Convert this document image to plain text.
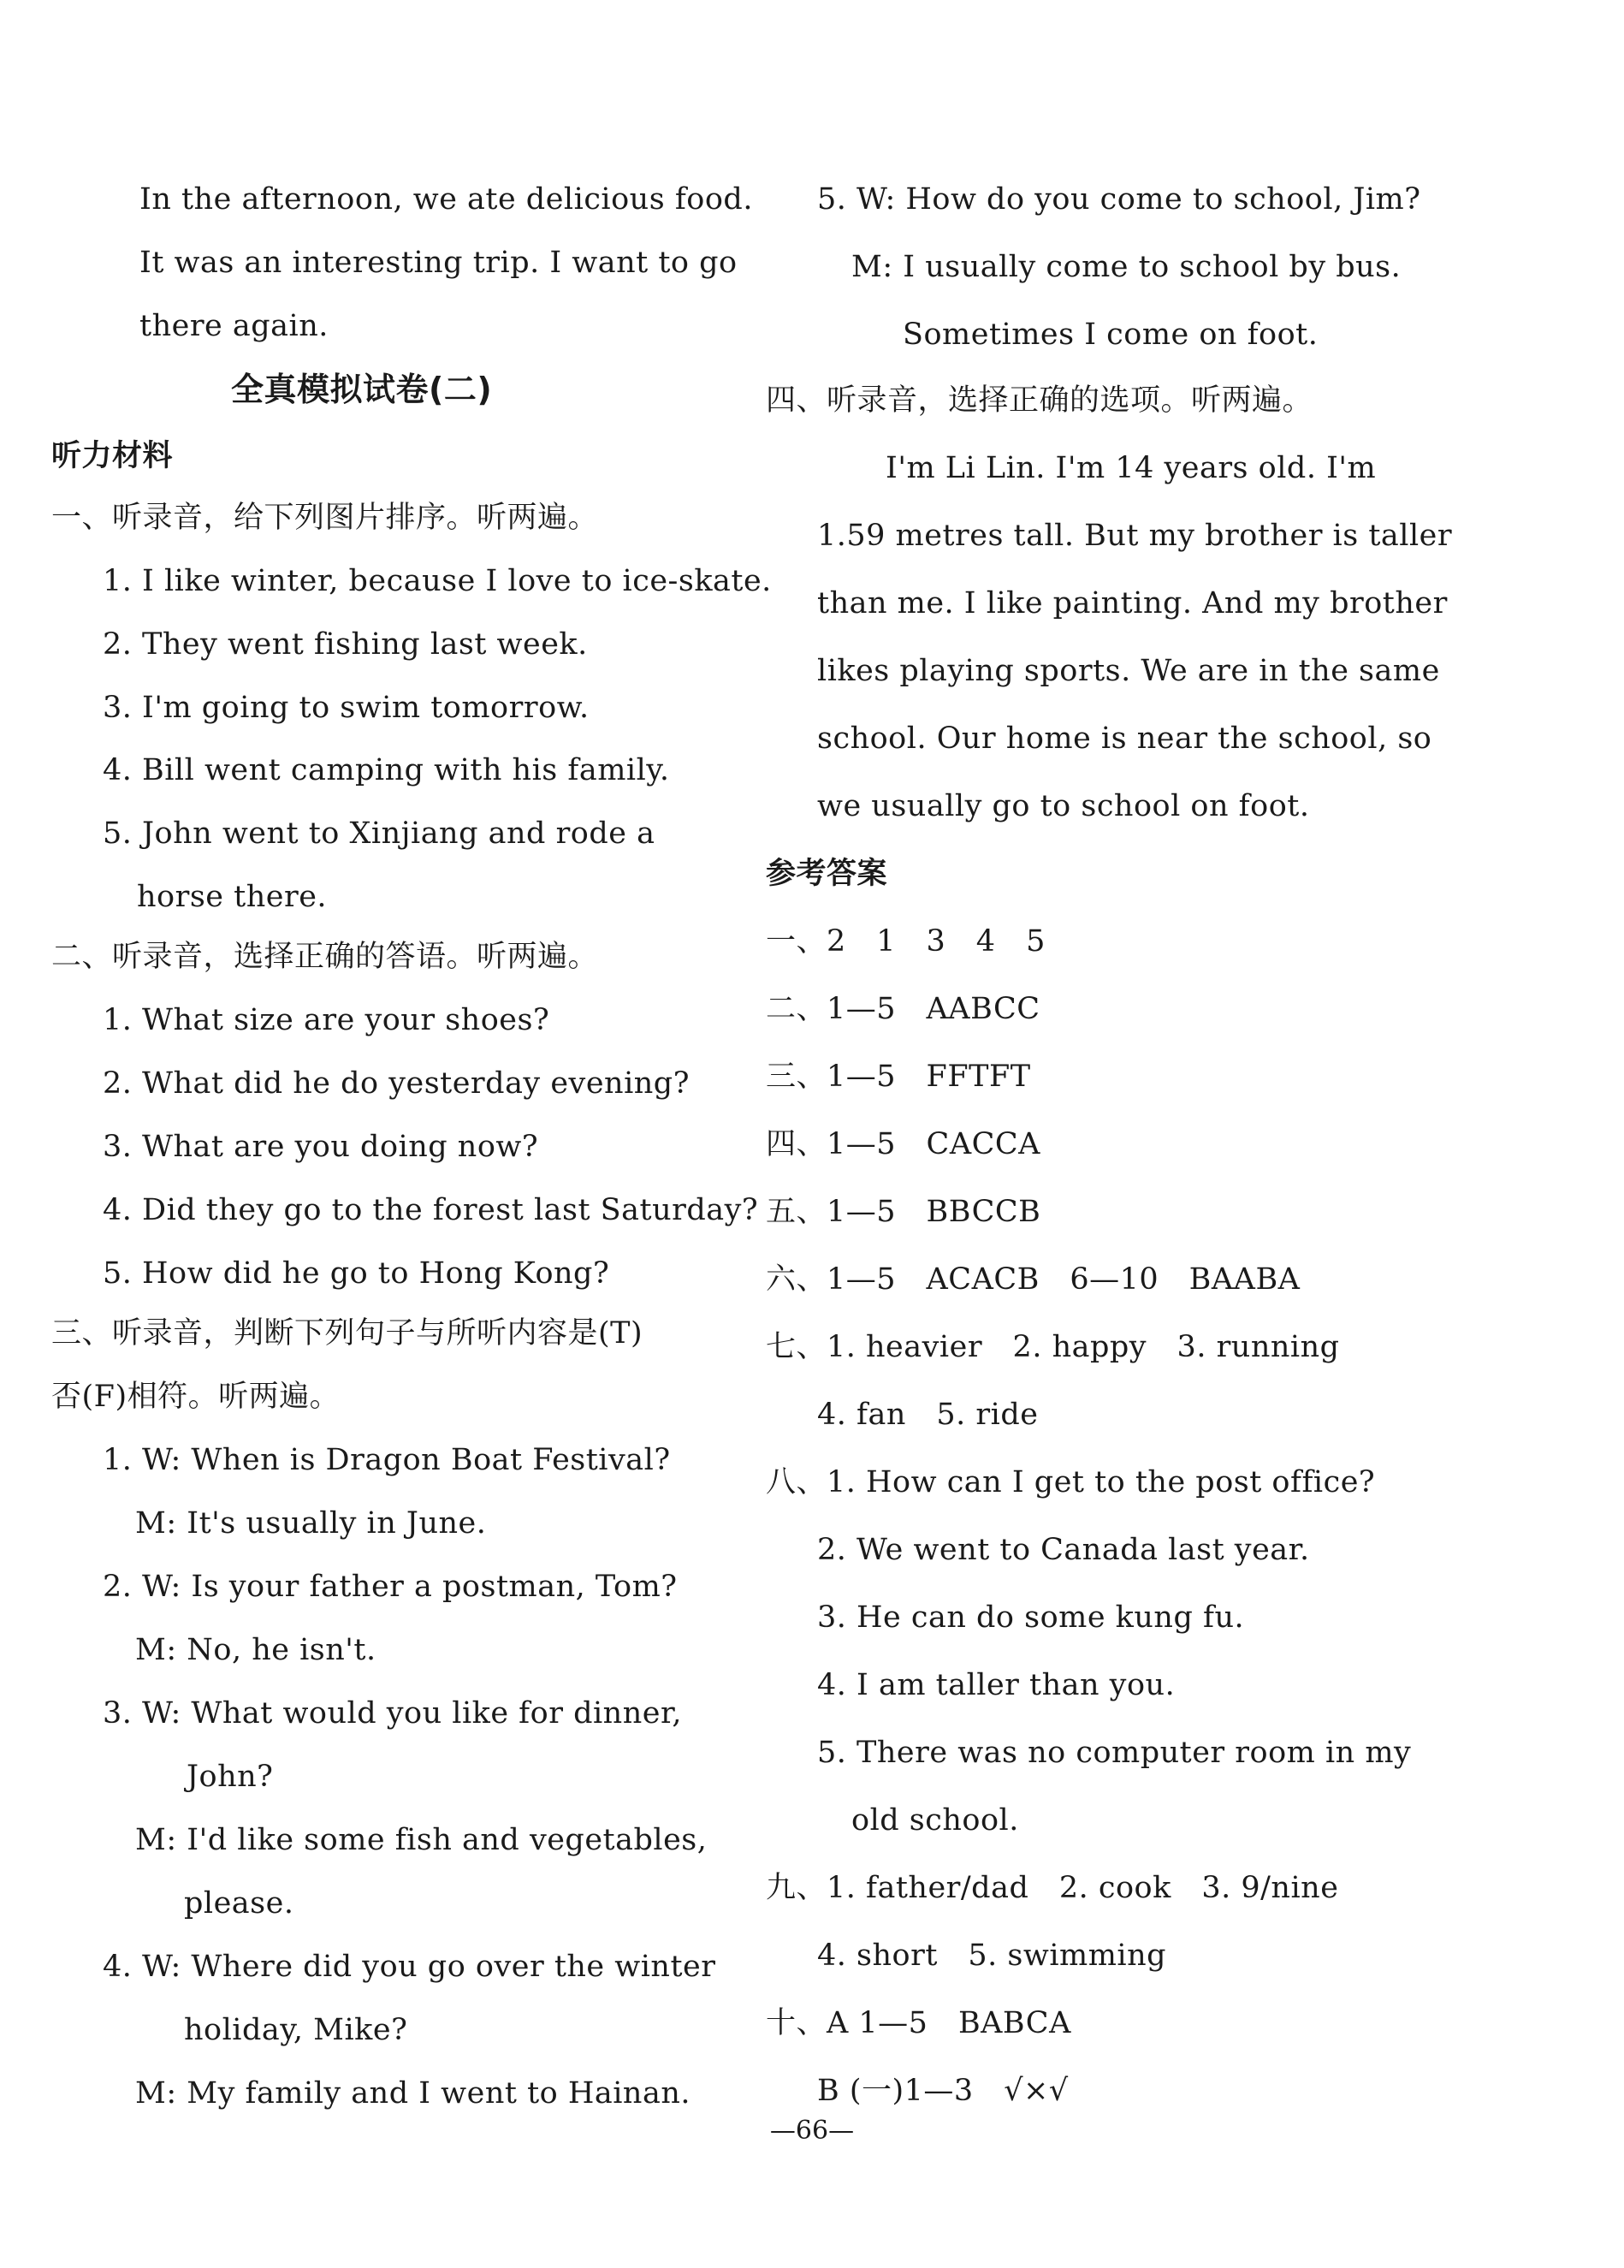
In the afternoon, we ate delicious food.
It was an interesting trip. I want to go
there again.
全真模拟试卷(二)
听力材料
一、听录音，给下列图片排序。听两遍。
1. I like winter, because I love to ice-skate.
2. They went fishing last week.
3. I'm going to swim tomorrow.
4. Bill went camping with his family.
5. John went to Xinjiang and rode a
horse there.
二、听录音，选择正确的答语。听两遍。
1. What size are your shoes?
2. What did he do yesterday evening?
3. What are you doing now?
4. Did they go to the forest last Saturday?
5. How did he go to Hong Kong?
三、听录音，判断下列句子与所听内容是(T)
否(F)相符。听两遍。
1. W: When is Dragon Boat Festival?
M: It's usually in June.
2. W: Is your father a postman, Tom?
M: No, he isn't.
3. W: What would you like for dinner,
John?
M: I'd like some fish and vegetables,
please.
4. W: Where did you go over the winter
holiday, Mike?
M: My family and I went to Hainan.
5. W: How do you come to school, Jim?
M: I usually come to school by bus.
Sometimes I come on foot.
四、听录音，选择正确的选项。听两遍。
I'm Li Lin. I'm 14 years old. I'm
1.59 metres tall. But my brother is taller
than me. I like painting. And my brother
likes playing sports. We are in the same
school. Our home is near the school, so
we usually go to school on foot.
参考答案
一、2　1　3　4　5
二、1—5　AABCC
三、1—5　FFTFT
四、1—5　CACCA
五、1—5　BBCCB
六、1—5　ACACB　6—10　BAABA
七、1. heavier　2. happy　3. running
4. fan　5. ride
八、1. How can I get to the post office?
2. We went to Canada last year.
3. He can do some kung fu.
4. I am taller than you.
5. There was no computer room in my
old school.
九、1. father/dad　2. cook　3. 9/nine
4. short　5. swimming
十、A 1—5　BABCA
B (一)1—3　√×√
—66—
